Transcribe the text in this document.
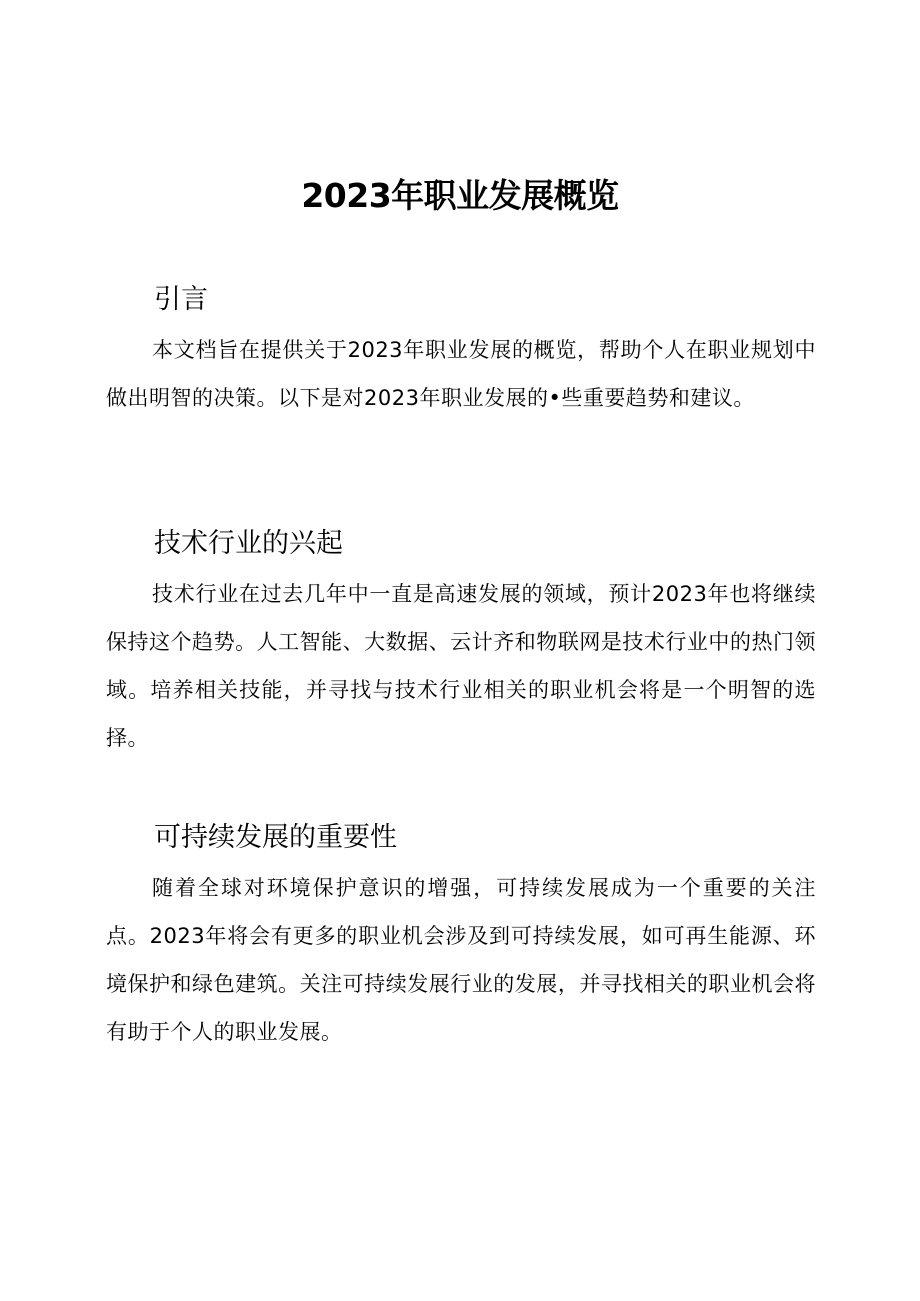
2023年职业发展概览
引言

本文档旨在提供关于2023年职业发展的概览，帮助个人在职业规划中做出明智的决策。以下是对2023年职业发展的•些重要趋势和建议。

技术行业的兴起

技术行业在过去几年中一直是高速发展的领域，预计2023年也将继续保持这个趋势。人工智能、大数据、云计齐和物联网是技术行业中的热门领域。培养相关技能，并寻找与技术行业相关的职业机会将是一个明智的选择。

可持续发展的重要性

随着全球对环境保护意识的增强，可持续发展成为一个重要的关注点。2023年将会有更多的职业机会涉及到可持续发展，如可再生能源、环境保护和绿色建筑。关注可持续发展行业的发展，并寻找相关的职业机会将有助于个人的职业发展。
